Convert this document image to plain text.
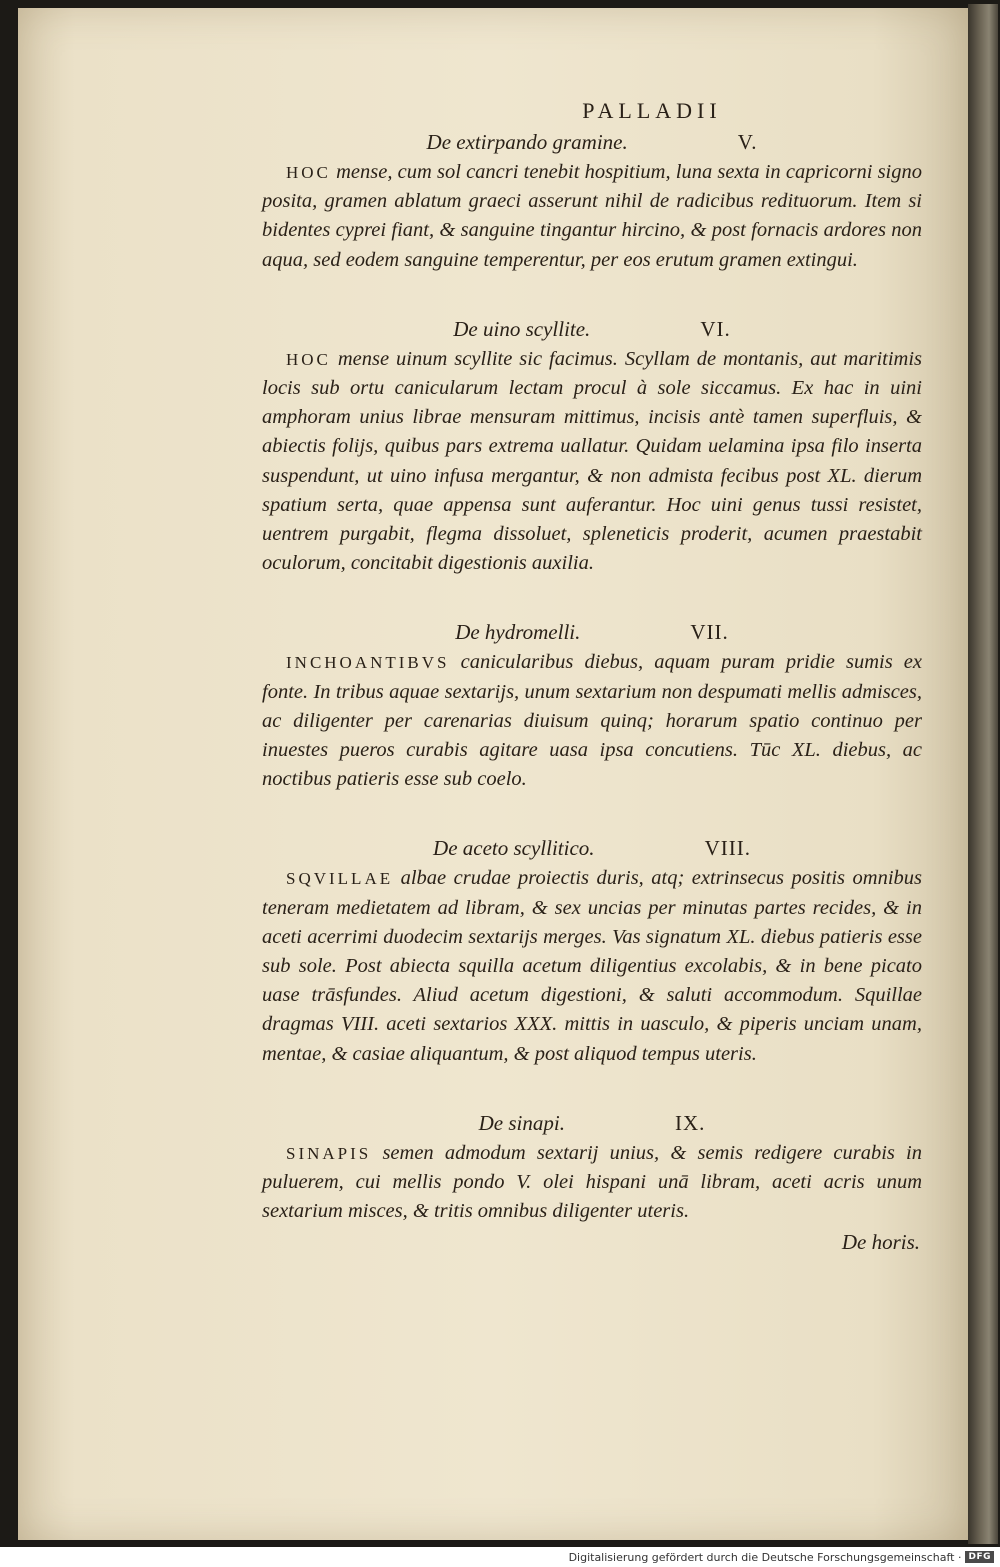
PALLADII
De extirpando gramine.	V.

HOC mense, cum sol cancri tenebit hospitium, luna sexta in capricorni signo posita, gramen ablatum graeci asserunt nihil de radicibus redituorum. Item si bidentes cyprei fiant, & sanguine tingantur hircino, & post fornacis ardores non aqua, sed eodem sanguine temperentur, per eos erutum gramen extingui.

De uino scyllite.	VI.

HOC mense uinum scyllite sic facimus. Scyllam de montanis, aut maritimis locis sub ortu canicularum lectam procul à sole siccamus. Ex hac in uini amphoram unius librae mensuram mittimus, incisis antè tamen superfluis, & abiectis folijs, quibus pars extrema uallatur. Quidam uelamina ipsa filo inserta suspendunt, ut uino infusa mergantur, & non admista fecibus post XL. dierum spatium serta, quae appensa sunt auferantur. Hoc uini genus tussi resistet, uentrem purgabit, flegma dissoluet, spleneticis proderit, acumen praestabit oculorum, concitabit digestionis auxilia.

De hydromelli.	VII.

INCHOANTIBVS canicularibus diebus, aquam puram pridie sumis ex fonte. In tribus aquae sextarijs, unum sextarium non despumati mellis admisces, ac diligenter per carenarias diuisum quinq; horarum spatio continuo per inuestes pueros curabis agitare uasa ipsa concutiens. Tūc XL. diebus, ac noctibus patieris esse sub coelo.

De aceto scyllitico.	VIII.

SQVILLAE albae crudae proiectis duris, atq; extrinsecus positis omnibus teneram medietatem ad libram, & sex uncias per minutas partes recides, & in aceti acerrimi duodecim sextarijs merges. Vas signatum XL. diebus patieris esse sub sole. Post abiecta squilla acetum diligentius excolabis, & in bene picato uase trāsfundes. Aliud acetum digestioni, & saluti accommodum. Squillae dragmas VIII. aceti sextarios XXX. mittis in uasculo, & piperis unciam unam, mentae, & casiae aliquantum, & post aliquod tempus uteris.

De sinapi.	IX.

SINAPIS semen admodum sextarij unius, & semis redigere curabis in puluerem, cui mellis pondo V. olei hispani unā libram, aceti acris unum sextarium misces, & tritis omnibus diligenter uteris.

De horis.
Digitalisierung gefördert durch die Deutsche Forschungsgemeinschaft · DFG
